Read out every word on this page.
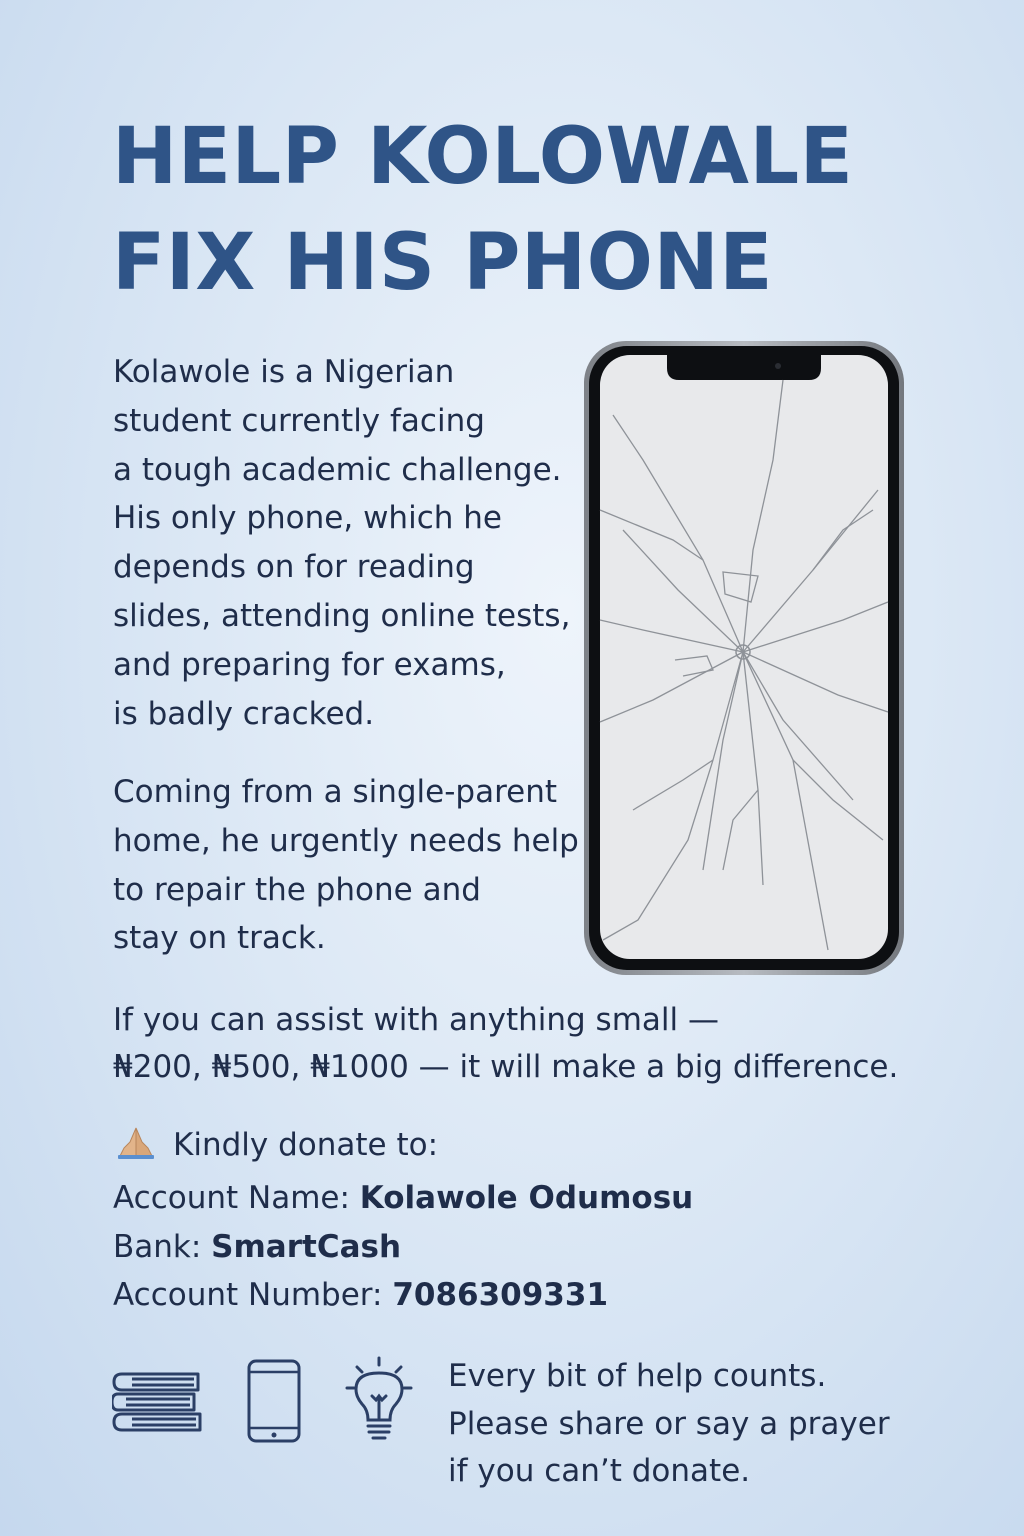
HELP KOLOWALE
FIX HIS PHONE
Kolawole is a Nigerian
student currently facing
a tough academic challenge.
His only phone, which he
depends on for reading
slides, attending online tests,
and preparing for exams,
is badly cracked.
Coming from a single-parent
home, he urgently needs help
to repair the phone and
stay on track.
If you can assist with anything small —
₦200, ₦500, ₦1000 — it will make a big difference.
Kindly donate to:
Account Name: Kolawole Odumosu
Bank: SmartCash
Account Number: 7086309331
Every bit of help counts.
Please share or say a prayer
if you can’t donate.
